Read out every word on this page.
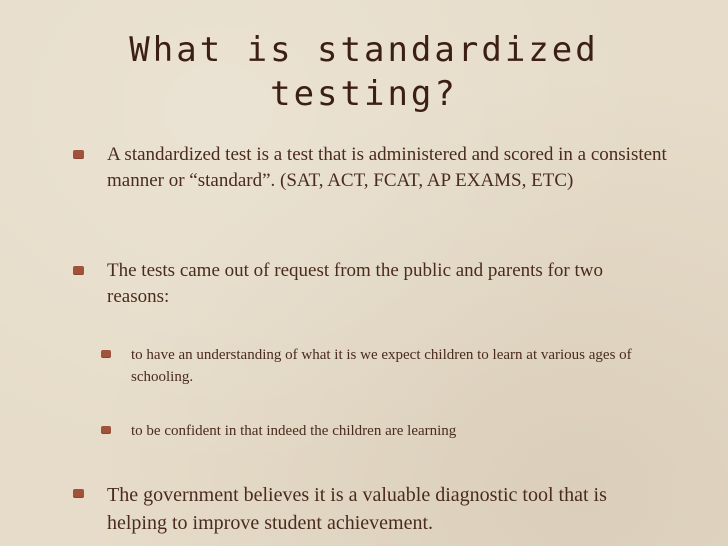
What is standardized testing?
A standardized test is a test that is administered and scored in a consistent manner or “standard”. (SAT, ACT, FCAT, AP EXAMS, ETC)
The tests came out of request from the public and parents for two reasons:
to have an understanding of what it is we expect children to learn at various ages of schooling.
to be confident in that indeed the children are learning
The government believes it is a valuable diagnostic tool that is helping to improve student achievement.
